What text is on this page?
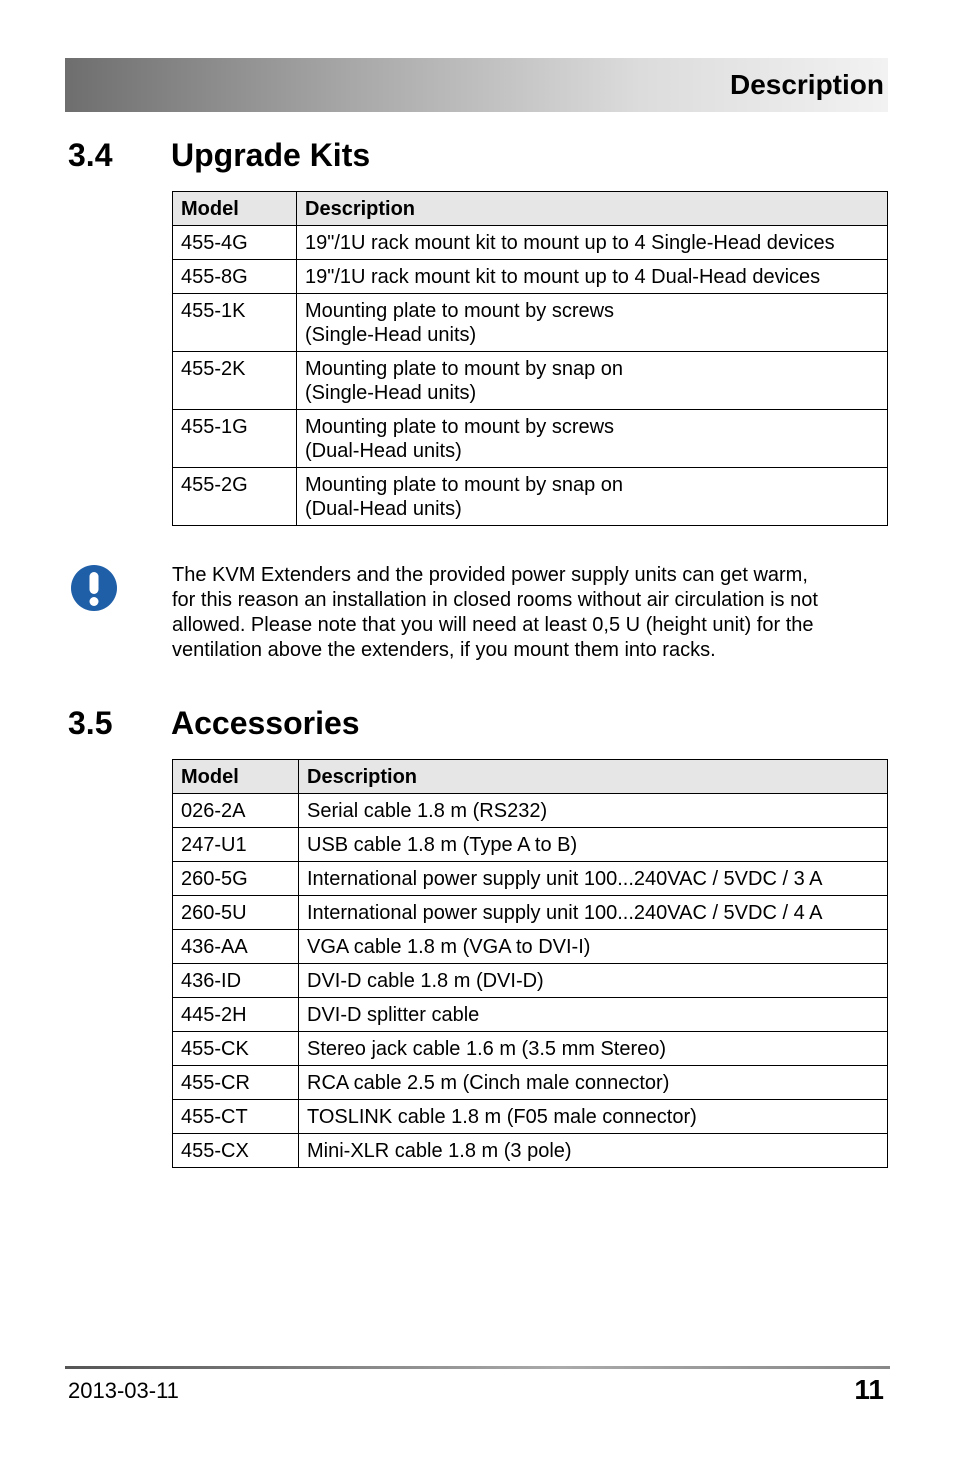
Description
3.4 Upgrade Kits
Model	Description
455-4G	19"/1U rack mount kit to mount up to 4 Single-Head devices
455-8G	19"/1U rack mount kit to mount up to 4 Dual-Head devices
455-1K	Mounting plate to mount by screws
(Single-Head units)
455-2K	Mounting plate to mount by snap on
(Single-Head units)
455-1G	Mounting plate to mount by screws
(Dual-Head units)
455-2G	Mounting plate to mount by snap on
(Dual-Head units)

The KVM Extenders and the provided power supply units can get warm,
for this reason an installation in closed rooms without air circulation is not
allowed. Please note that you will need at least 0,5 U (height unit) for the
ventilation above the extenders, if you mount them into racks.

3.5 Accessories
Model	Description
026-2A	Serial cable 1.8 m (RS232)
247-U1	USB cable 1.8 m (Type A to B)
260-5G	International power supply unit 100...240VAC / 5VDC / 3 A
260-5U	International power supply unit 100...240VAC / 5VDC / 4 A
436-AA	VGA cable 1.8 m (VGA to DVI-I)
436-ID	DVI-D cable 1.8 m (DVI-D)
445-2H	DVI-D splitter cable
455-CK	Stereo jack cable 1.6 m (3.5 mm Stereo)
455-CR	RCA cable 2.5 m (Cinch male connector)
455-CT	TOSLINK cable 1.8 m (F05 male connector)
455-CX	Mini-XLR cable 1.8 m (3 pole)
2013-03-11	11
